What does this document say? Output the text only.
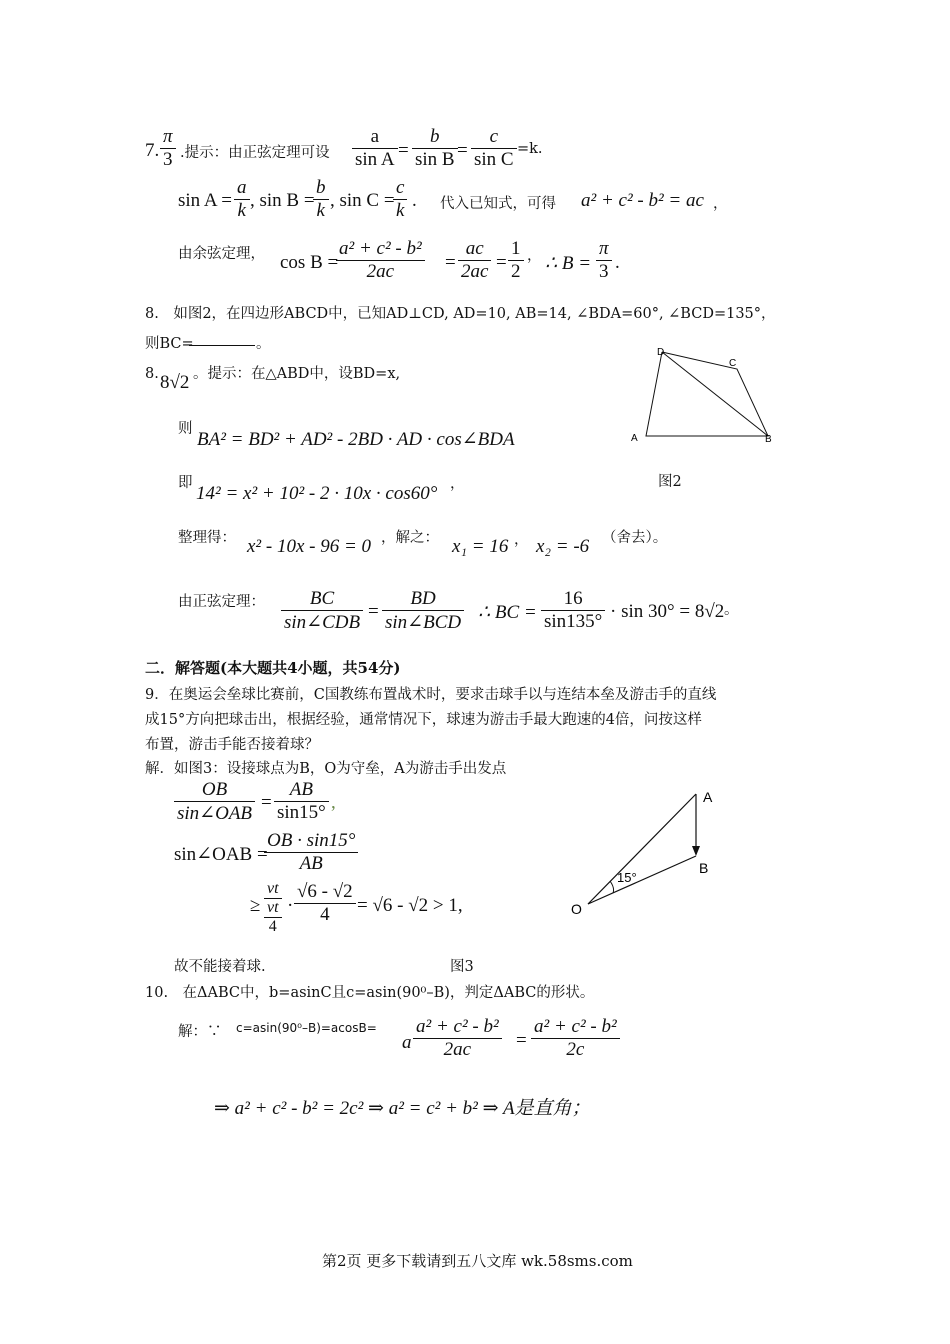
7. $\frac{\pi}{3}$ .提示：由正弦定理可设 $\frac{a}{\text{sin A}} = \frac{b}{\text{sin B}} = \frac{c}{\text{sin C}} =k$.
$\sin A = \frac{a}{k}$ , sin B =
$\frac{b}{k}$ , sin C =
$\frac{c}{k}$ . 代入已知式，可得 a² + c² - b² = ac ，
由余弦定理， cos B =
$\frac{\text{a² + c² - b²}}{2ac} = \frac{ac}{2ac} = \frac{1}{2}$ ， ∴ $B = \frac{\pi}{3}$ .
8.　如图2，在四边形ABCD中，已知AD⊥CD, AD=10, AB=14, ∠BDA=60°, ∠BCD=135°，
则BC=	。
8. 8√2 。提示：在△ABD中，设BD=x,
则 BA² = BD² + AD² - 2BD · AD · cos∠BDA
即 14² = x² + 10² - 2 · 10x · cos60° ，
整理得： x² - 10x - 96 = 0 ，解之： x₁ = 16 ， x₂ = -6 （舍去）。
由正弦定理：	BC
sin∠CDB
=
BD
sin∠BCD ∴ BC = $\frac{16}{\sin 135^\circ} \cdot \sin 30^\circ = 8√2$ 。
D
C
A	B
图2
二．解答题(本大题共4小题，共54分)
9．在奥运会垒球比赛前，C国教练布置战术时，要求击球手以与连结本垒及游击手的直线
成15°方向把球击出，根据经验，通常情况下，球速为游击手最大跑速的4倍，问按这样
布置，游击手能否接着球？
解．如图3：设接球点为B，O为守垒，A为游击手出发点
OB
sin∠OAB
= $\frac{AB}{\sin 15^\circ}$ ,
sin∠OAB =
$\frac{OB \cdot \sin 15^\circ}{AB}$
≥
vt
vt
4
· $\frac{√6 - √2}{4} = √6 - √2 > 1$,
故不能接着球.	图3
15°
A
B
O
10.　在ΔABC中，b=asinC且c=asin(90⁰–B)，判定ΔABC的形状。
解：∵ c=asin(90⁰–B)=acosB=
a $\frac{\text{a² + c² - b²}}{2ac} = \frac{\text{a² + c² - b²}}{2c}$
⇒ a² + c² - b² = 2c² ⇒ a² = c² + b² ⇒ A是直角；
第2页 更多下载请到五八文库 wk.58sms.com
